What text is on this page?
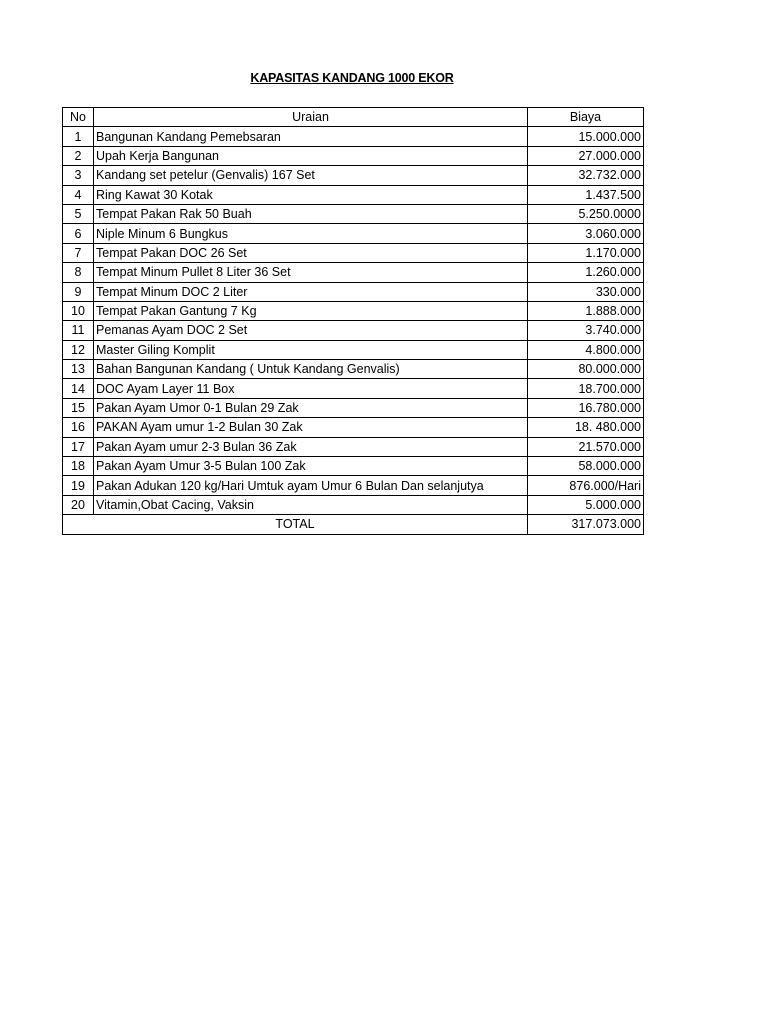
KAPASITAS KANDANG 1000 EKOR
No	Uraian	Biaya
1	Bangunan Kandang Pemebsaran	15.000.000
2	Upah Kerja Bangunan	27.000.000
3	Kandang set petelur (Genvalis) 167 Set	32.732.000
4	Ring Kawat 30 Kotak	1.437.500
5	Tempat Pakan Rak 50 Buah	5.250.0000
6	Niple Minum 6 Bungkus	3.060.000
7	Tempat Pakan DOC 26 Set	1.170.000
8	Tempat Minum Pullet 8 Liter 36 Set	1.260.000
9	Tempat Minum DOC 2 Liter	330.000
10	Tempat Pakan Gantung 7 Kg	1.888.000
11	Pemanas Ayam DOC 2 Set	3.740.000
12	Master Giling Komplit	4.800.000
13	Bahan Bangunan Kandang ( Untuk Kandang Genvalis)	80.000.000
14	DOC Ayam Layer 11 Box	18.700.000
15	Pakan Ayam Umor 0-1 Bulan 29 Zak	16.780.000
16	PAKAN Ayam umur 1-2 Bulan 30 Zak	18. 480.000
17	Pakan Ayam umur 2-3 Bulan 36 Zak	21.570.000
18	Pakan Ayam Umur 3-5 Bulan 100 Zak	58.000.000
19	Pakan Adukan 120 kg/Hari Umtuk ayam Umur 6 Bulan Dan selanjutya	876.000/Hari
20	Vitamin,Obat Cacing, Vaksin	5.000.000
TOTAL		317.073.000
